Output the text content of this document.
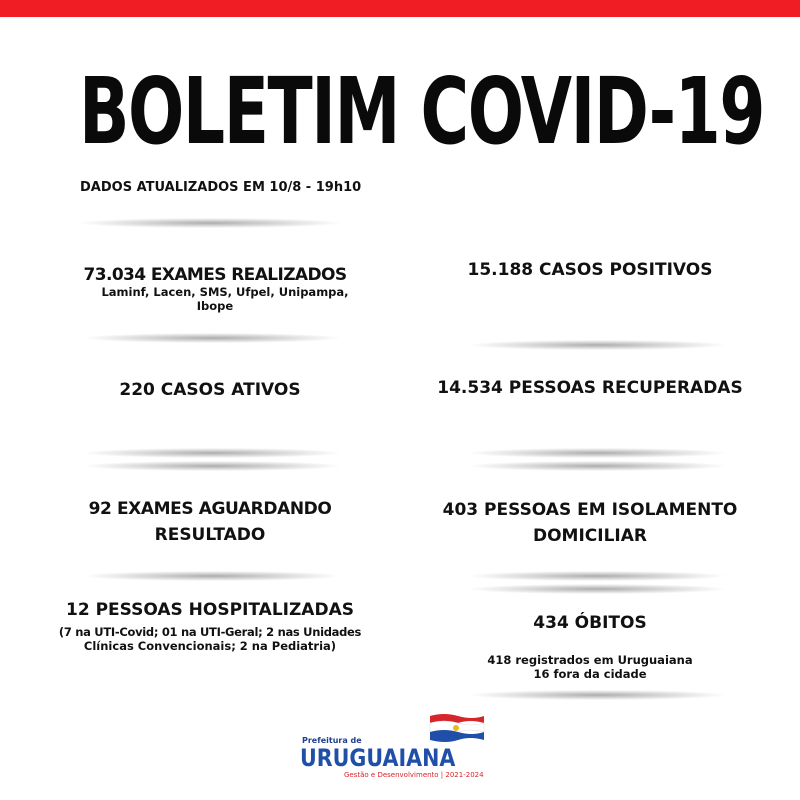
BOLETIM COVID-19
DADOS ATUALIZADOS EM 10/8 - 19h10
73.034 EXAMES REALIZADOS
Laminf, Lacen, SMS, Ufpel, Unipampa,
Ibope
220 CASOS ATIVOS
92 EXAMES AGUARDANDO
RESULTADO
12 PESSOAS HOSPITALIZADAS
(7 na UTI-Covid; 01 na UTI-Geral; 2 nas Unidades
Clínicas Convencionais; 2 na Pediatria)
15.188 CASOS POSITIVOS
14.534 PESSOAS RECUPERADAS
403 PESSOAS EM ISOLAMENTO
DOMICILIAR
434 ÓBITOS
418 registrados em Uruguaiana
16 fora da cidade
Prefeitura de
URUGUAIANA
Gestão e Desenvolvimento | 2021-2024
